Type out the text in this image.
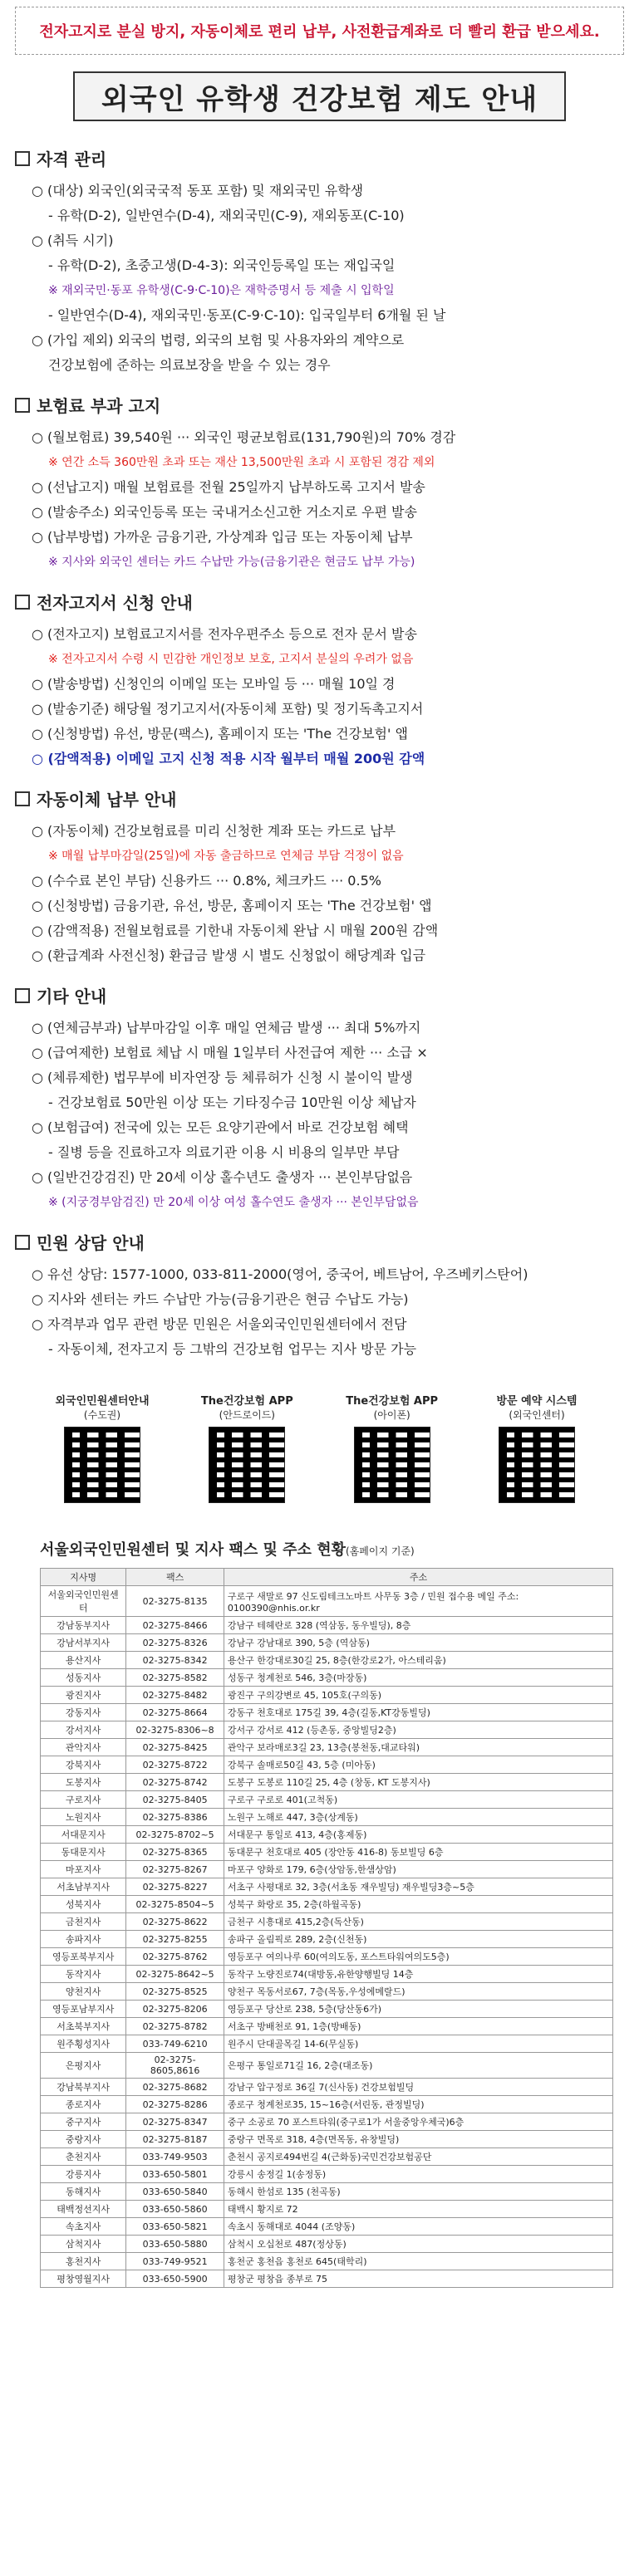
전자고지로 분실 방지, 자동이체로 편리 납부, 사전환급계좌로 더 빨리 환급 받으세요.
외국인 유학생 건강보험 제도 안내
자격 관리
○ (대상) 외국인(외국국적 동포 포함) 및 재외국민 유학생
- 유학(D-2), 일반연수(D-4), 재외국민(C-9), 재외동포(C-10)
○ (취득 시기)
- 유학(D-2), 초중고생(D-4-3): 외국인등록일 또는 재입국일
※ 재외국민·동포 유학생(C-9·C-10)은 재학증명서 등 제출 시 입학일
- 일반연수(D-4), 재외국민·동포(C-9·C-10): 입국일부터 6개월 된 날
○ (가입 제외) 외국의 법령, 외국의 보험 및 사용자와의 계약으로
건강보험에 준하는 의료보장을 받을 수 있는 경우
보험료 부과 고지
○ (월보험료) 39,540원 ··· 외국인 평균보험료(131,790원)의 70% 경감
※ 연간 소득 360만원 초과 또는 재산 13,500만원 초과 시 포함된 경감 제외
○ (선납고지) 매월 보험료를 전월 25일까지 납부하도록 고지서 발송
○ (발송주소) 외국인등록 또는 국내거소신고한 거소지로 우편 발송
○ (납부방법) 가까운 금융기관, 가상계좌 입금 또는 자동이체 납부
※ 지사와 외국인 센터는 카드 수납만 가능(금융기관은 현금도 납부 가능)
전자고지서 신청 안내
○ (전자고지) 보험료고지서를 전자우편주소 등으로 전자 문서 발송
※ 전자고지서 수령 시 민감한 개인정보 보호, 고지서 분실의 우려가 없음
○ (발송방법) 신청인의 이메일 또는 모바일 등 ··· 매월 10일 경
○ (발송기준) 해당월 정기고지서(자동이체 포함) 및 정기독촉고지서
○ (신청방법) 유선, 방문(팩스), 홈페이지 또는 'The 건강보험' 앱
○ (감액적용) 이메일 고지 신청 적용 시작 월부터 매월 200원 감액
자동이체 납부 안내
○ (자동이체) 건강보험료를 미리 신청한 계좌 또는 카드로 납부
※ 매월 납부마감일(25일)에 자동 출금하므로 연체금 부담 걱정이 없음
○ (수수료 본인 부담) 신용카드 ··· 0.8%, 체크카드 ··· 0.5%
○ (신청방법) 금융기관, 유선, 방문, 홈페이지 또는 'The 건강보험' 앱
○ (감액적용) 전월보험료를 기한내 자동이체 완납 시 매월 200원 감액
○ (환급계좌 사전신청) 환급금 발생 시 별도 신청없이 해당계좌 입금
기타 안내
○ (연체금부과) 납부마감일 이후 매일 연체금 발생 ··· 최대 5%까지
○ (급여제한) 보험료 체납 시 매월 1일부터 사전급여 제한 ··· 소급 ×
○ (체류제한) 법무부에 비자연장 등 체류허가 신청 시 불이익 발생
- 건강보험료 50만원 이상 또는 기타징수금 10만원 이상 체납자
○ (보험급여) 전국에 있는 모든 요양기관에서 바로 건강보험 혜택
- 질병 등을 진료하고자 의료기관 이용 시 비용의 일부만 부담
○ (일반건강검진) 만 20세 이상 홀수년도 출생자 ··· 본인부담없음
※ (지궁경부암검진) 만 20세 이상 여성 홀수연도 출생자 ··· 본인부담없음
민원 상담 안내
○ 유선 상담: 1577-1000, 033-811-2000(영어, 중국어, 베트남어, 우즈베키스탄어)
○ 지사와 센터는 카드 수납만 가능(금융기관은 현금 수납도 가능)
○ 자격부과 업무 관련 방문 민원은 서울외국인민원센터에서 전담
- 자동이체, 전자고지 등 그밖의 건강보험 업무는 지사 방문 가능
외국인민원센터안내
(수도권)
The건강보험 APP
(안드로이드)
The건강보험 APP
(아이폰)
방문 예약 시스템
(외국인센터)
서울외국인민원센터 및 지사 팩스 및 주소 현황(홈페이지 기준)
지사명	팩스	주소
서울외국인민원센터	02-3275-8135	구로구 새말로 97 신도림테크노마트 사무동 3층 / 민원 접수용 메일 주소: 0100390@nhis.or.kr
강남동부지사	02-3275-8466	강남구 테헤란로 328 (역삼동, 동우빌딩), 8층
강남서부지사	02-3275-8326	강남구 강남대로 390, 5층 (역삼동)
용산지사	02-3275-8342	용산구 한강대로30길 25, 8층(한강로2가, 아스테리움)
성동지사	02-3275-8582	성동구 청계천로 546, 3층(마장동)
광진지사	02-3275-8482	광진구 구의강변로 45, 105호(구의동)
강동지사	02-3275-8664	강동구 천호대로 175길 39, 4층(길동,KT강동빌딩)
강서지사	02-3275-8306~8	강서구 강서로 412 (등촌동, 중앙빌딩2층)
관악지사	02-3275-8425	관악구 보라매로3길 23, 13층(봉천동,대교타워)
강북지사	02-3275-8722	강북구 솔매로50길 43, 5층 (미아동)
도봉지사	02-3275-8742	도봉구 도봉로 110길 25, 4층 (창동, KT 도봉지사)
구로지사	02-3275-8405	구로구 구로로 401(고척동)
노원지사	02-3275-8386	노원구 노해로 447, 3층(상계동)
서대문지사	02-3275-8702~5	서대문구 통일로 413, 4층(홍제동)
동대문지사	02-3275-8365	동대문구 천호대로 405 (장안동 416-8) 동보빌딩 6층
마포지사	02-3275-8267	마포구 양화로 179, 6층(상암동,한샘상암)
서초남부지사	02-3275-8227	서초구 사평대로 32, 3층(서초동 재우빌딩) 재우빌딩3층~5층
성북지사	02-3275-8504~5	성북구 화랑로 35, 2층(하월곡동)
금천지사	02-3275-8622	금천구 시흥대로 415,2층(독산동)
송파지사	02-3275-8255	송파구 올림픽로 289, 2층(신천동)
영등포북부지사	02-3275-8762	영등포구 여의나루 60(여의도동, 포스트타워여의도5층)
동작지사	02-3275-8642~5	동작구 노량진로74(대방동,유한양행빌딩 14층
양천지사	02-3275-8525	양천구 목동서로67, 7층(목동,우성에메랄드)
영등포남부지사	02-3275-8206	영등포구 당산로 238, 5층(당산동6가)
서초북부지사	02-3275-8782	서초구 방배천로 91, 1층(방배동)
원주횡성지사	033-749-6210	원주시 단대골목길 14-6(무실동)
은평지사	02-3275-8605,8616	은평구 통일로71길 16, 2층(대조동)
강남북부지사	02-3275-8682	강남구 압구정로 36길 7(신사동) 건강보험빌딩
종로지사	02-3275-8286	종로구 청계천로35, 15~16층(서린동, 관정빌딩)
중구지사	02-3275-8347	중구 소공로 70 포스트타워(중구로1가 서울중앙우체국)6층
중랑지사	02-3275-8187	중랑구 면목로 318, 4층(면목동, 유창빌딩)
춘천지사	033-749-9503	춘천시 공지로494번길 4(근화동)국민건강보험공단
강릉지사	033-650-5801	강릉시 송정길 1(송정동)
동해지사	033-650-5840	동해시 한섬로 135 (천곡동)
태백정선지사	033-650-5860	태백시 황지로 72
속초지사	033-650-5821	속초시 동해대로 4044 (조양동)
삼척지사	033-650-5880	삼척시 오십천로 487(정상동)
홍천지사	033-749-9521	홍천군 홍천읍 홍천로 645(태학리)
평창영월지사	033-650-5900	평창군 평창읍 종부로 75
